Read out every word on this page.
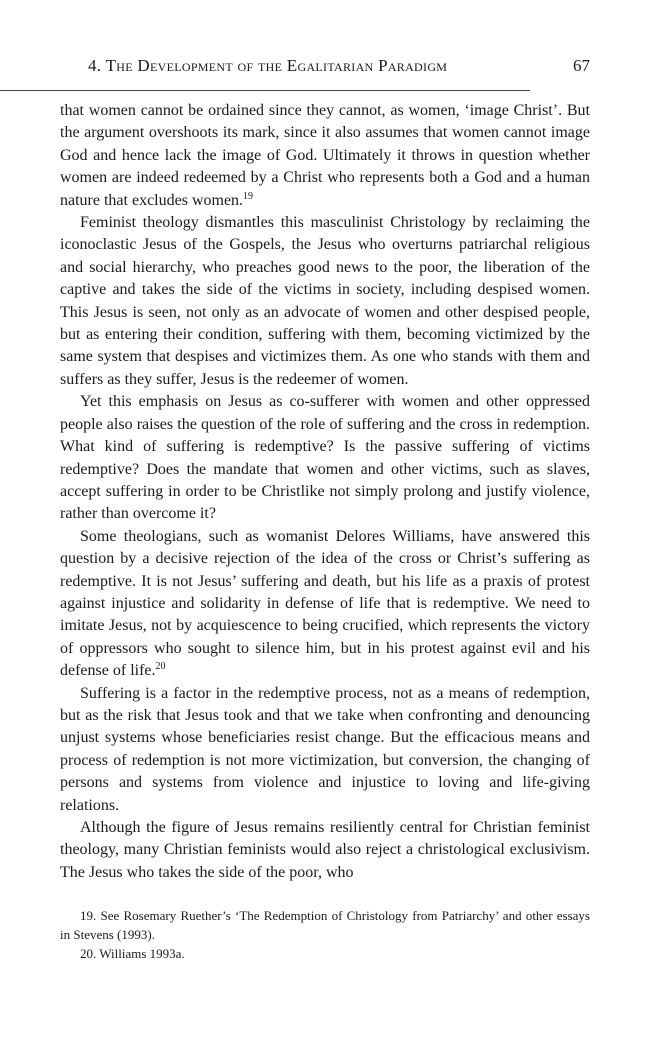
4. The Development of the Egalitarian Paradigm	67

that women cannot be ordained since they cannot, as women, ‘image Christ’. But the argument overshoots its mark, since it also assumes that women cannot image God and hence lack the image of God. Ultimately it throws in question whether women are indeed redeemed by a Christ who represents both a God and a human nature that excludes women.$^{19}$

Feminist theology dismantles this masculinist Christology by reclaiming the iconoclastic Jesus of the Gospels, the Jesus who overturns patriarchal religious and social hierarchy, who preaches good news to the poor, the liberation of the captive and takes the side of the victims in society, including despised women. This Jesus is seen, not only as an advocate of women and other despised people, but as entering their condition, suffering with them, becoming victimized by the same system that despises and victimizes them. As one who stands with them and suffers as they suffer, Jesus is the redeemer of women.

Yet this emphasis on Jesus as co-sufferer with women and other oppressed people also raises the question of the role of suffering and the cross in redemption. What kind of suffering is redemptive? Is the passive suffering of victims redemptive? Does the mandate that women and other victims, such as slaves, accept suffering in order to be Christlike not simply prolong and justify violence, rather than overcome it?

Some theologians, such as womanist Delores Williams, have answered this question by a decisive rejection of the idea of the cross or Christ’s suffering as redemptive. It is not Jesus’ suffering and death, but his life as a praxis of protest against injustice and solidarity in defense of life that is redemptive. We need to imitate Jesus, not by acquiescence to being crucified, which represents the victory of oppressors who sought to silence him, but in his protest against evil and his defense of life.$^{20}$

Suffering is a factor in the redemptive process, not as a means of redemption, but as the risk that Jesus took and that we take when confronting and denouncing unjust systems whose beneficiaries resist change. But the efficacious means and process of redemption is not more victimization, but conversion, the changing of persons and systems from violence and injustice to loving and life-giving relations.

Although the figure of Jesus remains resiliently central for Christian feminist theology, many Christian feminists would also reject a christological exclusivism. The Jesus who takes the side of the poor, who

19. See Rosemary Ruether’s ‘The Redemption of Christology from Patriarchy’ and other essays in Stevens (1993).

20. Williams 1993a.
